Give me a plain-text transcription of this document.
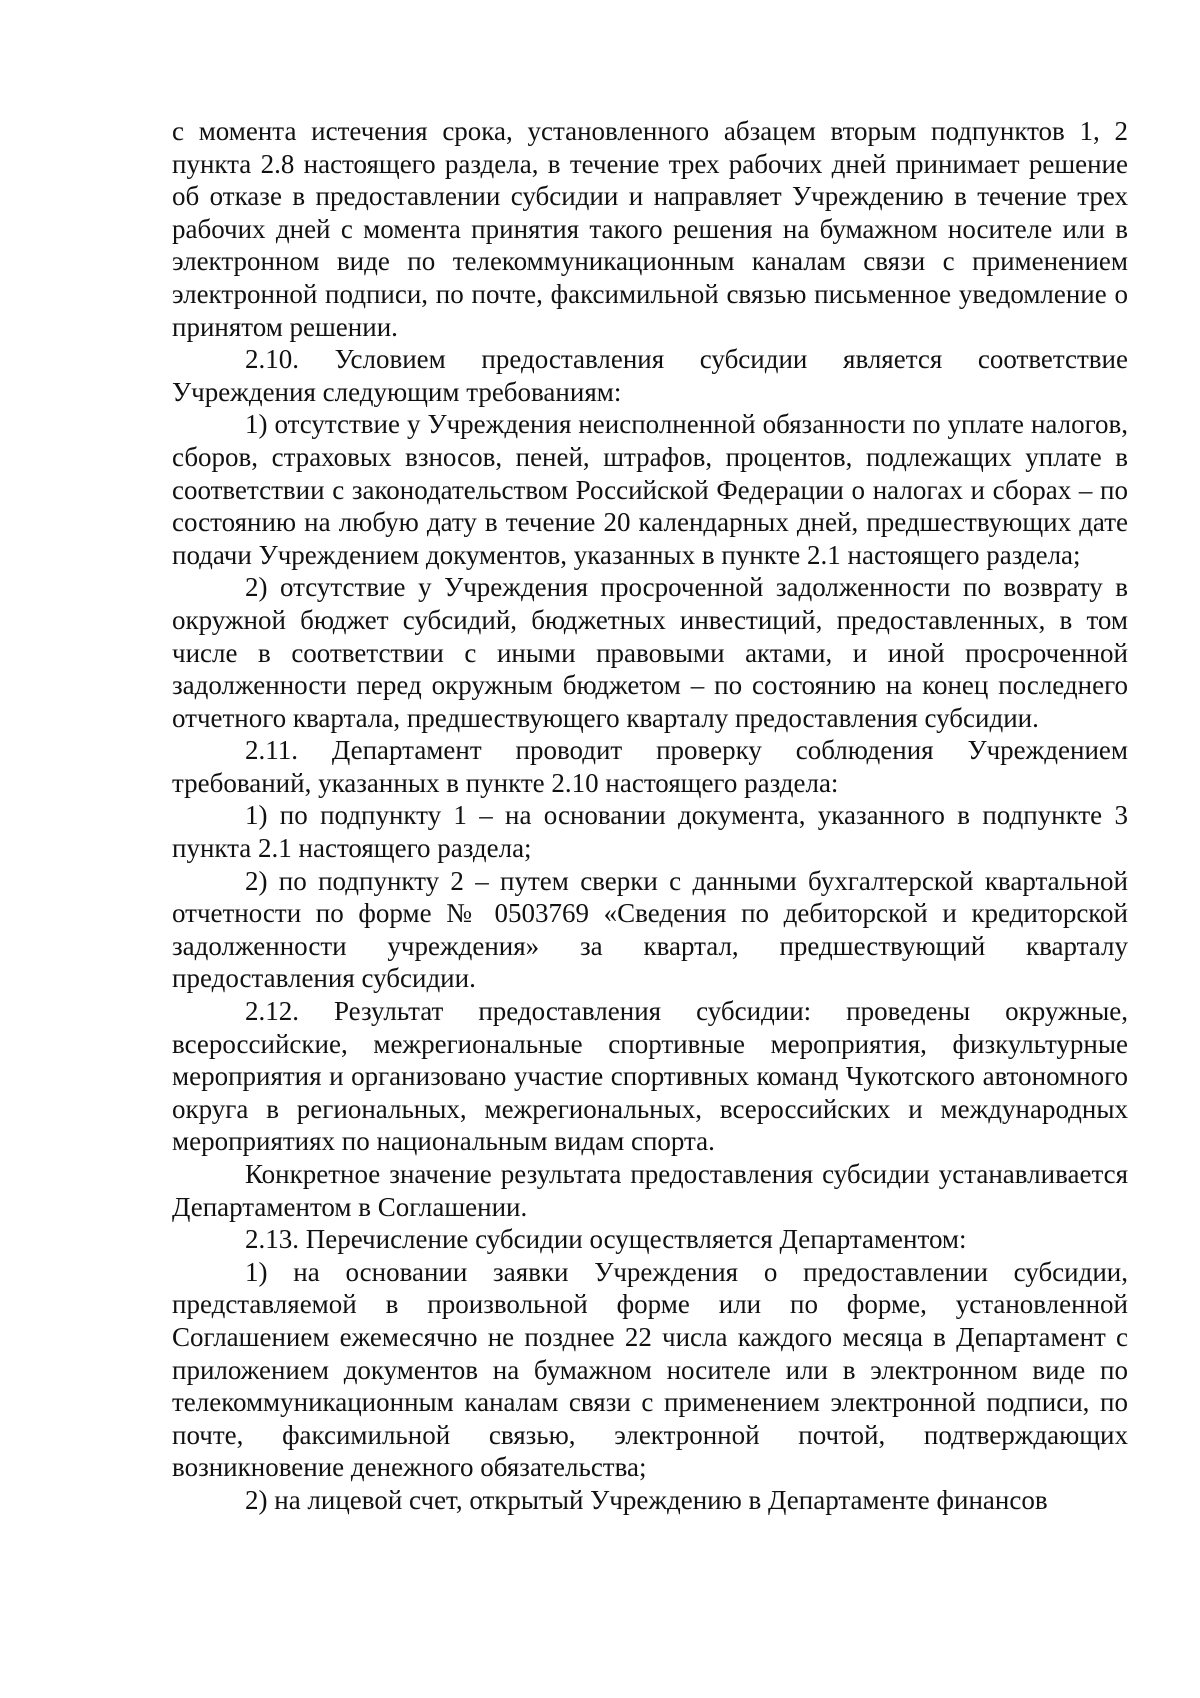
с момента истечения срока, установленного абзацем вторым подпунктов 1, 2 пункта 2.8 настоящего раздела, в течение трех рабочих дней принимает решение об отказе в предоставлении субсидии и направляет Учреждению в течение трех рабочих дней с момента принятия такого решения на бумажном носителе или в электронном виде по телекоммуникационным каналам связи с применением электронной подписи, по почте, факсимильной связью письменное уведомление о принятом решении.

2.10. Условием предоставления субсидии является соответствие Учреждения следующим требованиям:

1) отсутствие у Учреждения неисполненной обязанности по уплате налогов, сборов, страховых взносов, пеней, штрафов, процентов, подлежащих уплате в соответствии с законодательством Российской Федерации о налогах и сборах – по состоянию на любую дату в течение 20 календарных дней, предшествующих дате подачи Учреждением документов, указанных в пункте 2.1 настоящего раздела;

2) отсутствие у Учреждения просроченной задолженности по возврату в окружной бюджет субсидий, бюджетных инвестиций, предоставленных, в том числе в соответствии с иными правовыми актами, и иной просроченной задолженности перед окружным бюджетом – по состоянию на конец последнего отчетного квартала, предшествующего кварталу предоставления субсидии.

2.11. Департамент проводит проверку соблюдения Учреждением требований, указанных в пункте 2.10 настоящего раздела:

1) по подпункту 1 – на основании документа, указанного в подпункте 3 пункта 2.1 настоящего раздела;

2) по подпункту 2 – путем сверки с данными бухгалтерской квартальной отчетности по форме № 0503769 «Сведения по дебиторской и кредиторской задолженности учреждения» за квартал, предшествующий кварталу предоставления субсидии.

2.12. Результат предоставления субсидии: проведены окружные, всероссийские, межрегиональные спортивные мероприятия, физкультурные мероприятия и организовано участие спортивных команд Чукотского автономного округа в региональных, межрегиональных, всероссийских и международных мероприятиях по национальным видам спорта.

Конкретное значение результата предоставления субсидии устанавливается Департаментом в Соглашении.

2.13. Перечисление субсидии осуществляется Департаментом:

1) на основании заявки Учреждения о предоставлении субсидии, представляемой в произвольной форме или по форме, установленной Соглашением ежемесячно не позднее 22 числа каждого месяца в Департамент с приложением документов на бумажном носителе или в электронном виде по телекоммуникационным каналам связи с применением электронной подписи, по почте, факсимильной связью, электронной почтой, подтверждающих возникновение денежного обязательства;

2) на лицевой счет, открытый Учреждению в Департаменте финансов
